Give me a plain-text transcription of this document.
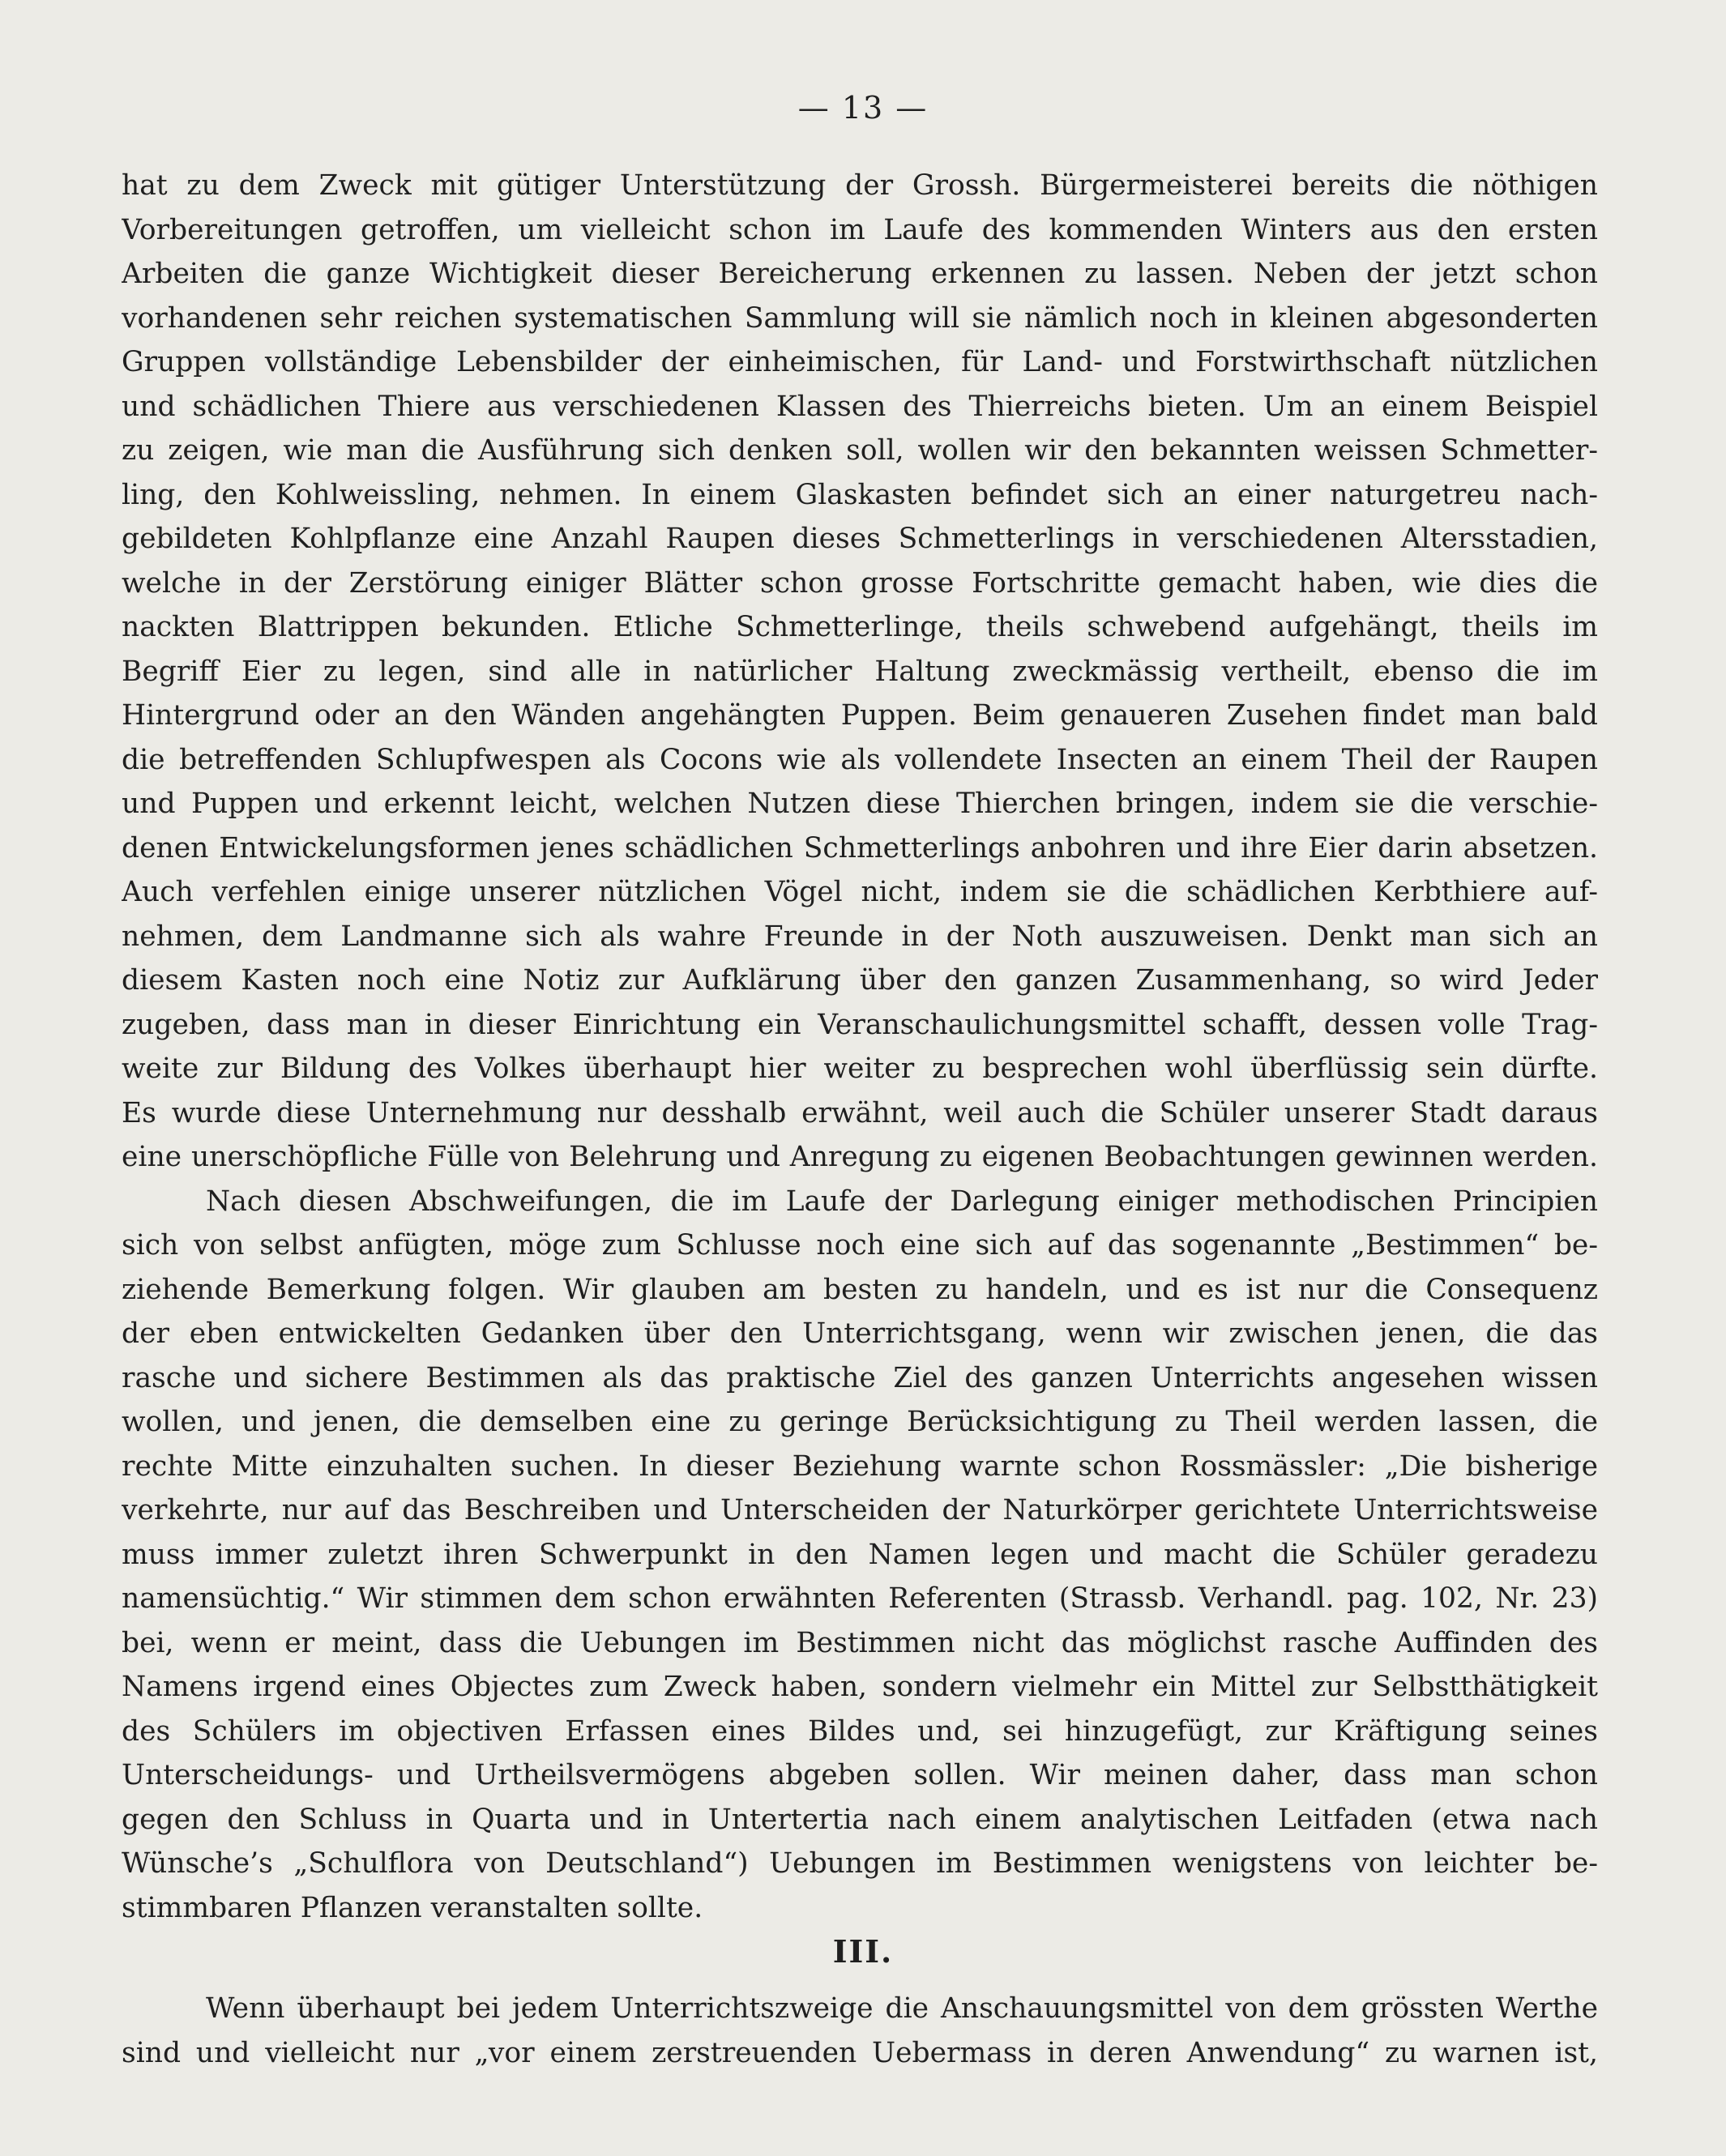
— 13 —
hat zu dem Zweck mit gütiger Unterstützung der Grossh. Bürgermeisterei bereits die nöthigen
Vorbereitungen getroffen, um vielleicht schon im Laufe des kommenden Winters aus den ersten
Arbeiten die ganze Wichtigkeit dieser Bereicherung erkennen zu lassen. Neben der jetzt schon
vorhandenen sehr reichen systematischen Sammlung will sie nämlich noch in kleinen abgesonderten
Gruppen vollständige Lebensbilder der einheimischen, für Land- und Forstwirthschaft nützlichen
und schädlichen Thiere aus verschiedenen Klassen des Thierreichs bieten. Um an einem Beispiel
zu zeigen, wie man die Ausführung sich denken soll, wollen wir den bekannten weissen Schmetter-
ling, den Kohlweissling, nehmen. In einem Glaskasten befindet sich an einer naturgetreu nach-
gebildeten Kohlpflanze eine Anzahl Raupen dieses Schmetterlings in verschiedenen Altersstadien,
welche in der Zerstörung einiger Blätter schon grosse Fortschritte gemacht haben, wie dies die
nackten Blattrippen bekunden. Etliche Schmetterlinge, theils schwebend aufgehängt, theils im
Begriff Eier zu legen, sind alle in natürlicher Haltung zweckmässig vertheilt, ebenso die im
Hintergrund oder an den Wänden angehängten Puppen. Beim genaueren Zusehen findet man bald
die betreffenden Schlupfwespen als Cocons wie als vollendete Insecten an einem Theil der Raupen
und Puppen und erkennt leicht, welchen Nutzen diese Thierchen bringen, indem sie die verschie-
denen Entwickelungsformen jenes schädlichen Schmetterlings anbohren und ihre Eier darin absetzen.
Auch verfehlen einige unserer nützlichen Vögel nicht, indem sie die schädlichen Kerbthiere auf-
nehmen, dem Landmanne sich als wahre Freunde in der Noth auszuweisen. Denkt man sich an
diesem Kasten noch eine Notiz zur Aufklärung über den ganzen Zusammenhang, so wird Jeder
zugeben, dass man in dieser Einrichtung ein Veranschaulichungsmittel schafft, dessen volle Trag-
weite zur Bildung des Volkes überhaupt hier weiter zu besprechen wohl überflüssig sein dürfte.
Es wurde diese Unternehmung nur desshalb erwähnt, weil auch die Schüler unserer Stadt daraus
eine unerschöpfliche Fülle von Belehrung und Anregung zu eigenen Beobachtungen gewinnen werden.
Nach diesen Abschweifungen, die im Laufe der Darlegung einiger methodischen Principien
sich von selbst anfügten, möge zum Schlusse noch eine sich auf das sogenannte „Bestimmen“ be-
ziehende Bemerkung folgen. Wir glauben am besten zu handeln, und es ist nur die Consequenz
der eben entwickelten Gedanken über den Unterrichtsgang, wenn wir zwischen jenen, die das
rasche und sichere Bestimmen als das praktische Ziel des ganzen Unterrichts angesehen wissen
wollen, und jenen, die demselben eine zu geringe Berücksichtigung zu Theil werden lassen, die
rechte Mitte einzuhalten suchen. In dieser Beziehung warnte schon Rossmässler: „Die bisherige
verkehrte, nur auf das Beschreiben und Unterscheiden der Naturkörper gerichtete Unterrichtsweise
muss immer zuletzt ihren Schwerpunkt in den Namen legen und macht die Schüler geradezu
namensüchtig.“ Wir stimmen dem schon erwähnten Referenten (Strassb. Verhandl. pag. 102, Nr. 23)
bei, wenn er meint, dass die Uebungen im Bestimmen nicht das möglichst rasche Auffinden des
Namens irgend eines Objectes zum Zweck haben, sondern vielmehr ein Mittel zur Selbstthätigkeit
des Schülers im objectiven Erfassen eines Bildes und, sei hinzugefügt, zur Kräftigung seines
Unterscheidungs- und Urtheilsvermögens abgeben sollen. Wir meinen daher, dass man schon
gegen den Schluss in Quarta und in Untertertia nach einem analytischen Leitfaden (etwa nach
Wünsche’s „Schulflora von Deutschland“) Uebungen im Bestimmen wenigstens von leichter be-
stimmbaren Pflanzen veranstalten sollte.
III.
Wenn überhaupt bei jedem Unterrichtszweige die Anschauungsmittel von dem grössten Werthe
sind und vielleicht nur „vor einem zerstreuenden Uebermass in deren Anwendung“ zu warnen ist,
